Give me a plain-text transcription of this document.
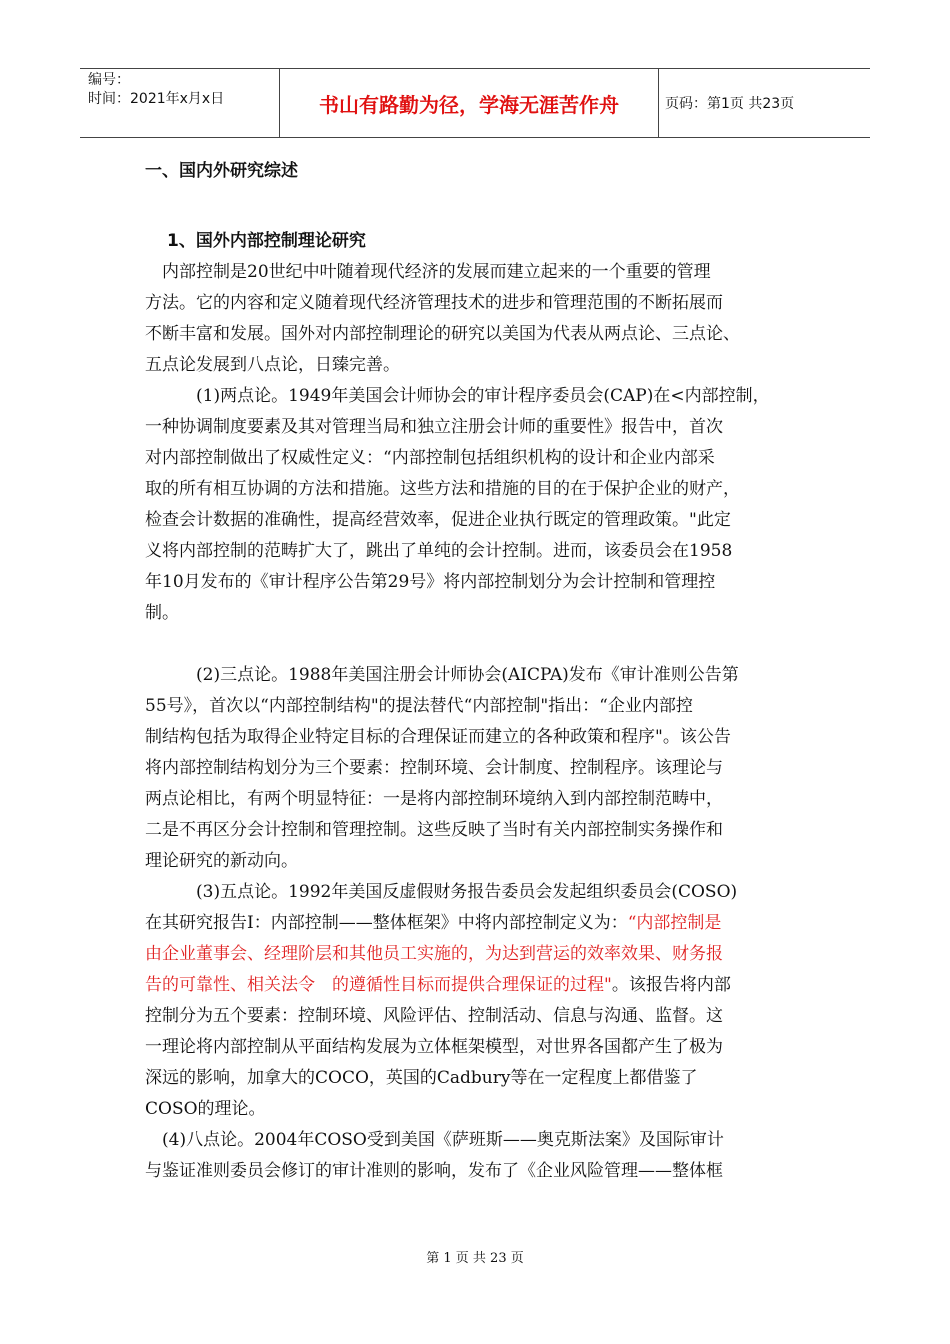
编号：
时间：2021年x月x日	书山有路勤为径，学海无涯苦作舟	页码：第1页 共23页
一、国内外研究综述
1、国外内部控制理论研究
　内部控制是20世纪中叶随着现代经济的发展而建立起来的一个重要的管理
方法。它的内容和定义随着现代经济管理技术的进步和管理范围的不断拓展而
不断丰富和发展。国外对内部控制理论的研究以美国为代表从两点论、三点论、
五点论发展到八点论，日臻完善。
　　　(1)两点论。1949年美国会计师协会的审计程序委员会(CAP)在<内部控制，
一种协调制度要素及其对管理当局和独立注册会计师的重要性》报告中，首次
对内部控制做出了权威性定义：“内部控制包括组织机构的设计和企业内部采
取的所有相互协调的方法和措施。这些方法和措施的目的在于保护企业的财产，
检查会计数据的准确性，提高经营效率，促进企业执行既定的管理政策。"此定
义将内部控制的范畴扩大了，跳出了单纯的会计控制。进而，该委员会在1958
年10月发布的《审计程序公告第29号》将内部控制划分为会计控制和管理控
制。
　　　(2)三点论。1988年美国注册会计师协会(AICPA)发布《审计准则公告第
55号》，首次以“内部控制结构"的提法替代“内部控制"指出：“企业内部控
制结构包括为取得企业特定目标的合理保证而建立的各种政策和程序"。该公告
将内部控制结构划分为三个要素：控制环境、会计制度、控制程序。该理论与
两点论相比，有两个明显特征：一是将内部控制环境纳入到内部控制范畴中，
二是不再区分会计控制和管理控制。这些反映了当时有关内部控制实务操作和
理论研究的新动向。
　　　(3)五点论。1992年美国反虚假财务报告委员会发起组织委员会(COSO)
在其研究报告I：内部控制——整体框架》中将内部控制定义为：“内部控制是
由企业董事会、经理阶层和其他员工实施的，为达到营运的效率效果、财务报
告的可靠性、相关法令　的遵循性目标而提供合理保证的过程"。该报告将内部
控制分为五个要素：控制环境、风险评估、控制活动、信息与沟通、监督。这
一理论将内部控制从平面结构发展为立体框架模型，对世界各国都产生了极为
深远的影响，加拿大的COCO，英国的Cadbury等在一定程度上都借鉴了
COSO的理论。
　(4)八点论。2004年COSO受到美国《萨班斯——奥克斯法案》及国际审计
与鉴证准则委员会修订的审计准则的影响，发布了《企业风险管理——整体框
第 1 页 共 23 页
